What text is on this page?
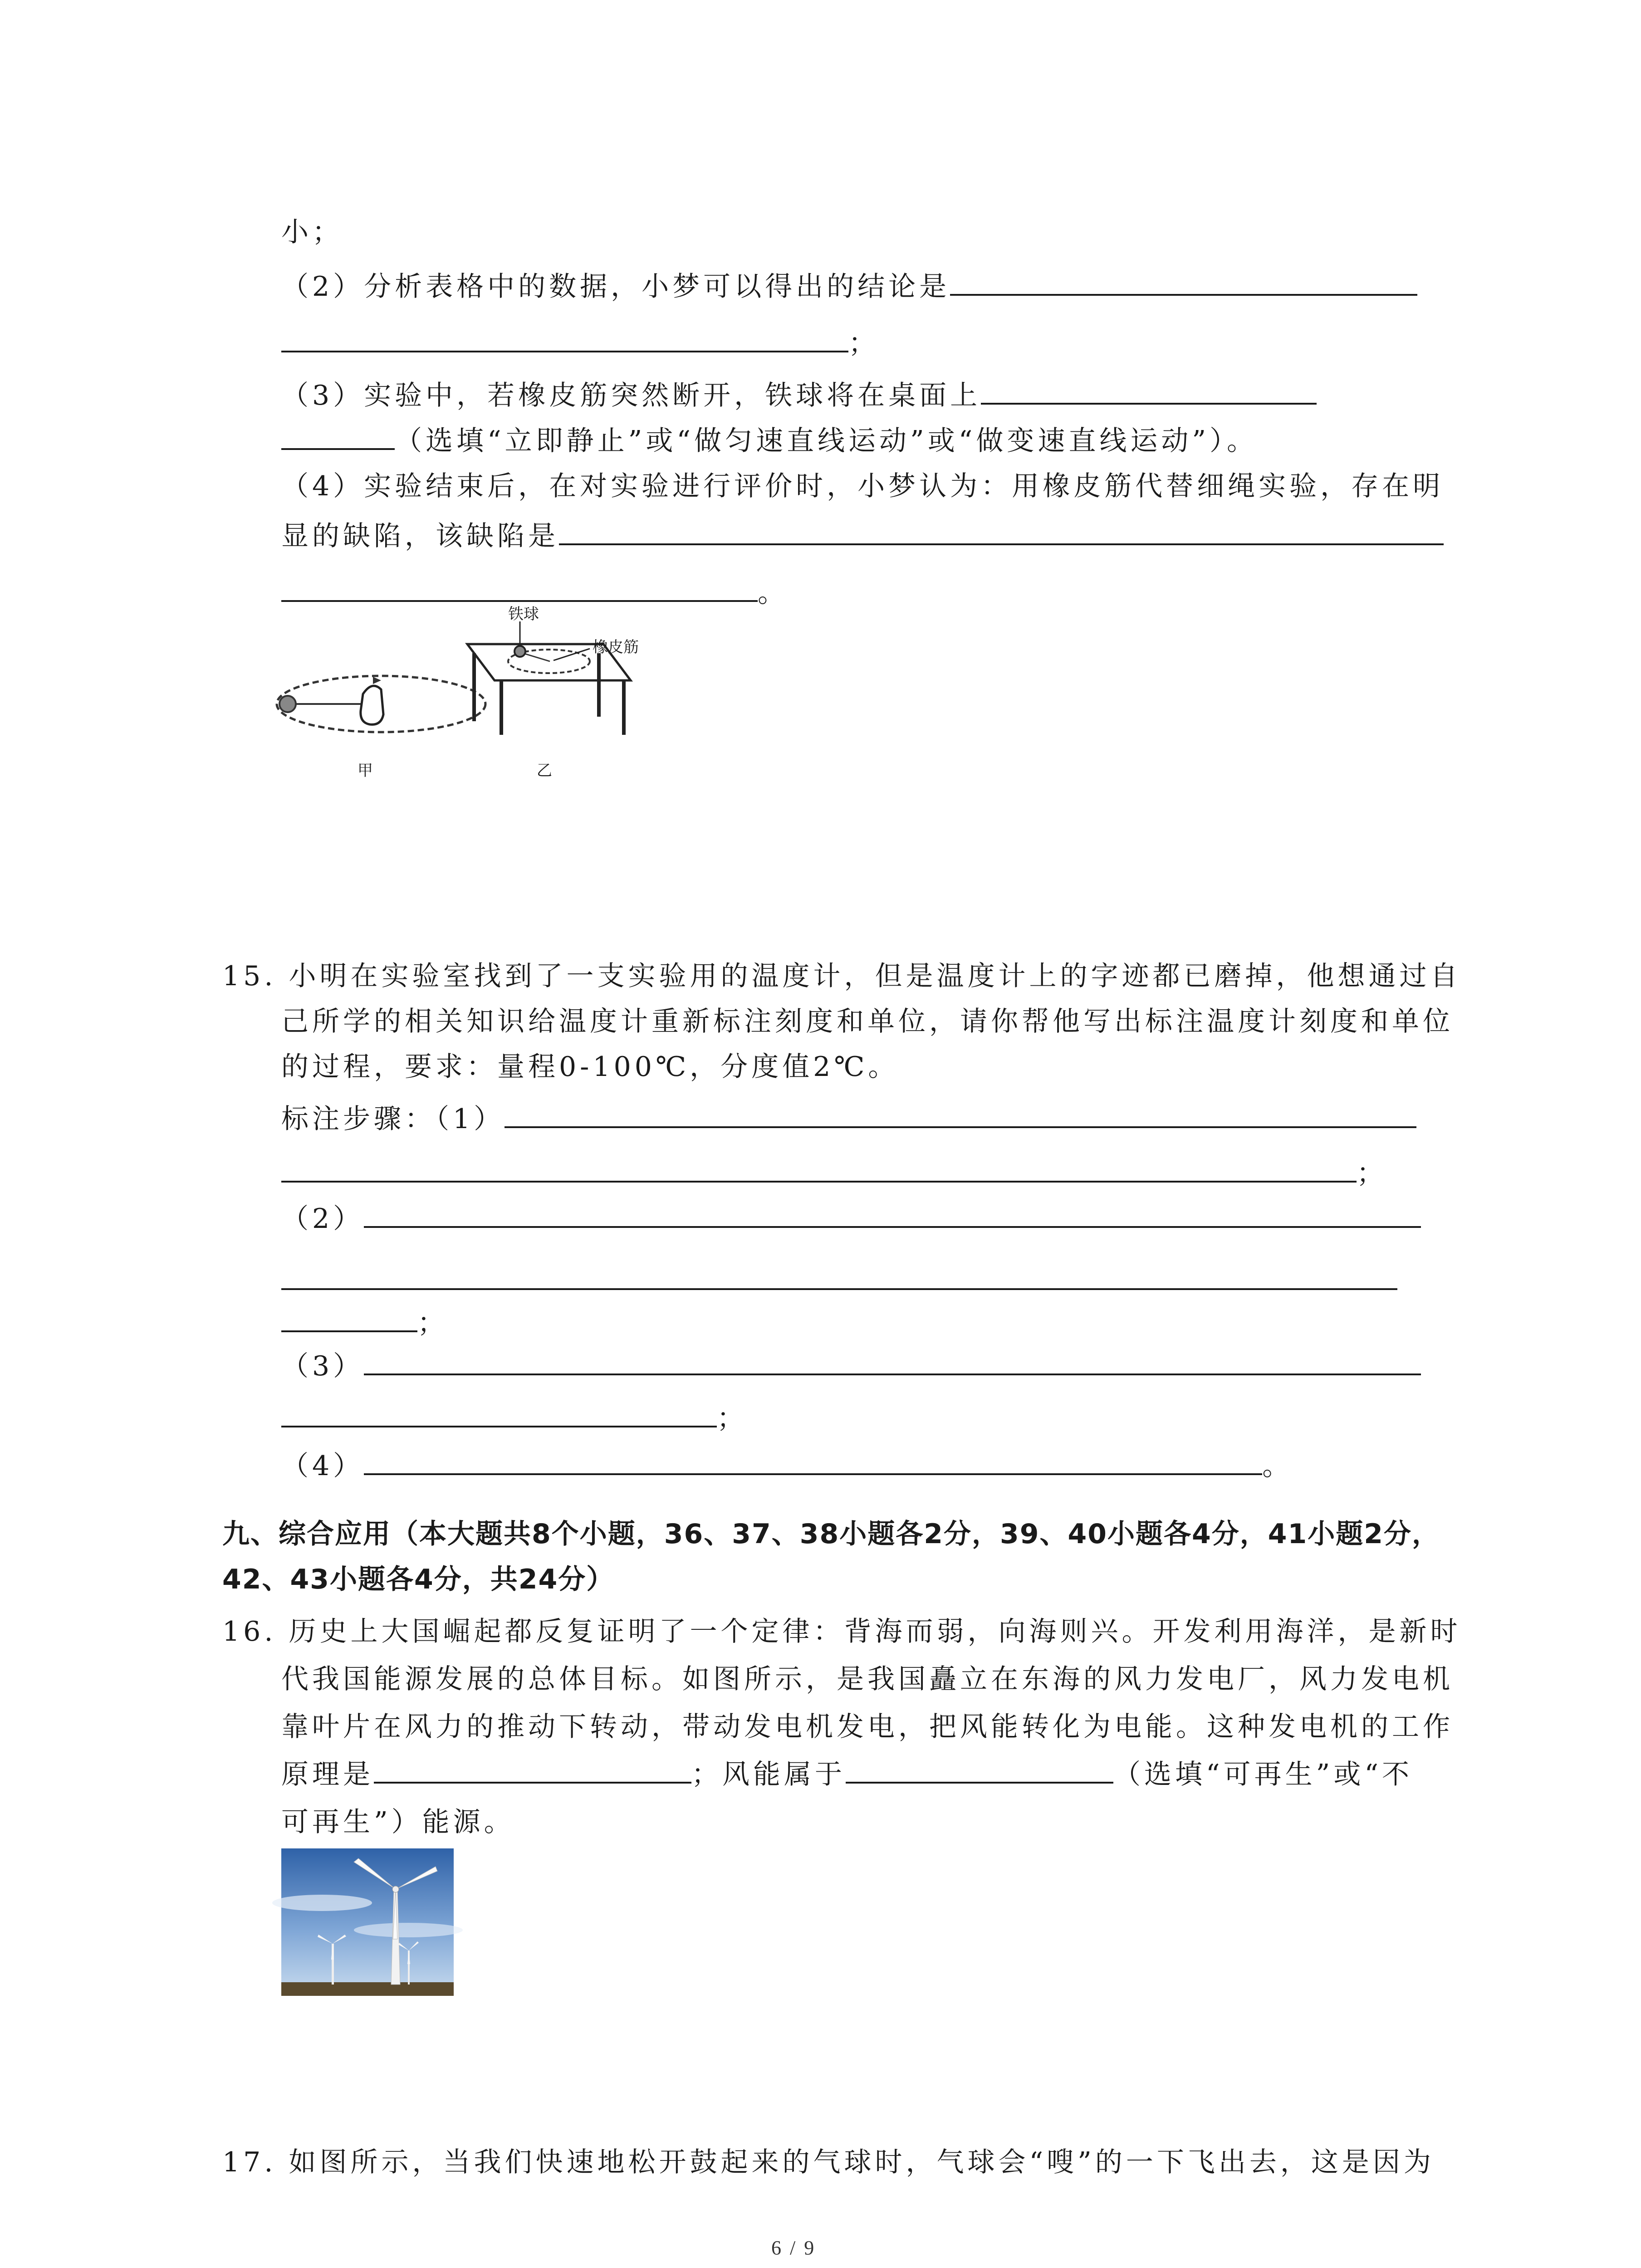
小；
（2）分析表格中的数据，小梦可以得出的结论是
；
（3）实验中，若橡皮筋突然断开，铁球将在桌面上
（选填“立即静止”或“做匀速直线运动”或“做变速直线运动”）。
（4）实验结束后，在对实验进行评价时，小梦认为：用橡皮筋代替细绳实验，存在明
显的缺陷，该缺陷是
。
甲
铁球
橡皮筋
乙
15. 小明在实验室找到了一支实验用的温度计，但是温度计上的字迹都已磨掉，他想通过自
己所学的相关知识给温度计重新标注刻度和单位，请你帮他写出标注温度计刻度和单位
的过程，要求：量程0-100℃，分度值2℃。
标注步骤：（1）
；
（2）
；
（3）
；
（4）	。
九、综合应用（本大题共8个小题，36、37、38小题各2分，39、40小题各4分，41小题2分，
42、43小题各4分，共24分）
16. 历史上大国崛起都反复证明了一个定律：背海而弱，向海则兴。开发利用海洋，是新时
代我国能源发展的总体目标。如图所示，是我国矗立在东海的风力发电厂，风力发电机
靠叶片在风力的推动下转动，带动发电机发电，把风能转化为电能。这种发电机的工作
原理是	；风能属于	（选填“可再生”或“不
可再生”）能源。
17. 如图所示，当我们快速地松开鼓起来的气球时，气球会“嗖”的一下飞出去，这是因为
6 / 9
